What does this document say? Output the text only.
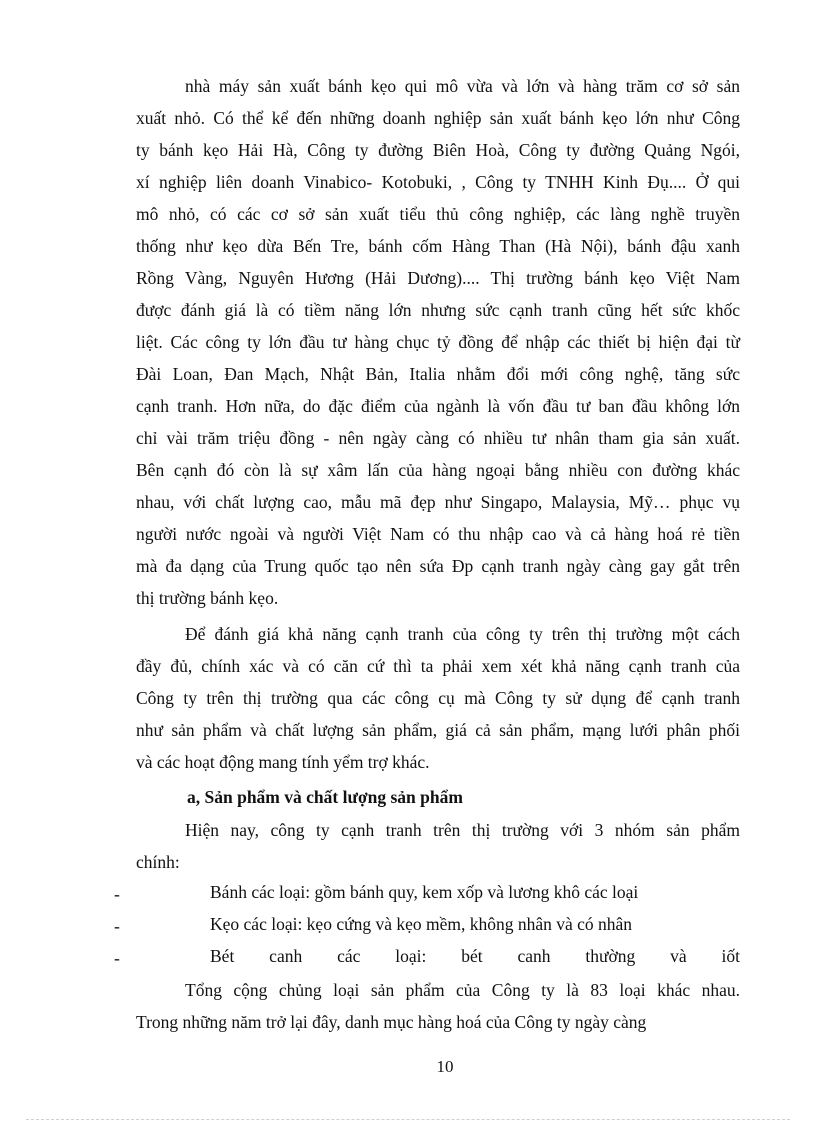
nhà máy sản xuất bánh kẹo qui mô vừa và lớn và hàng trăm cơ sở sản
xuất nhỏ. Có thể kể đến những doanh nghiệp sản xuất bánh kẹo lớn như Công
ty bánh kẹo Hải Hà, Công ty đường Biên Hoà, Công ty đường Quảng Ngói,
xí nghiệp liên doanh Vinabico- Kotobuki, , Công ty TNHH Kinh Đụ.... Ở qui
mô nhỏ, có các cơ sở sản xuất tiểu thủ công nghiệp, các làng nghề truyền
thống như kẹo dừa Bến Tre, bánh cốm Hàng Than (Hà Nội), bánh đậu xanh
Rồng Vàng, Nguyên Hương (Hải Dương).... Thị trường bánh kẹo Việt Nam
được đánh giá là có tiềm năng lớn nhưng sức cạnh tranh cũng hết sức khốc
liệt. Các công ty lớn đầu tư hàng chục tỷ đồng để nhập các thiết bị hiện đại từ
Đài Loan, Đan Mạch, Nhật Bản, Italia nhằm đổi mới công nghệ, tăng sức
cạnh tranh. Hơn nữa, do đặc điểm của ngành là vốn đầu tư ban đầu không lớn
chỉ vài trăm triệu đồng - nên ngày càng có nhiều tư nhân tham gia sản xuất.
Bên cạnh đó còn là sự xâm lấn của hàng ngoại bằng nhiều con đường khác
nhau, với chất lượng cao, mẫu mã đẹp như Singapo, Malaysia, Mỹ… phục vụ
người nước ngoài và người Việt Nam có thu nhập cao và cả hàng hoá rẻ tiền
mà đa dạng của Trung quốc tạo nên sứa Đp cạnh tranh ngày càng gay gắt trên
thị trường bánh kẹo.
Để đánh giá khả năng cạnh tranh của công ty trên thị trường một cách
đầy đủ, chính xác và có căn cứ thì ta phải xem xét khả năng cạnh tranh của
Công ty trên thị trường qua các công cụ mà Công ty sử dụng để cạnh tranh
như sản phẩm và chất lượng sản phẩm, giá cả sản phẩm, mạng lưới phân phối
và các hoạt động mang tính yểm trợ khác.
a, Sản phẩm và chất lượng sản phẩm
Hiện nay, công ty cạnh tranh trên thị trường với 3 nhóm sản phẩm
chính:
-	Bánh các loại: gồm bánh quy, kem xốp và lương khô các loại
-	Kẹo các loại: kẹo cứng và kẹo mềm, không nhân và có nhân
-	Bét canh các loại: bét canh thường và iốt
Tổng cộng chủng loại sản phẩm của Công ty là 83 loại khác nhau.
Trong những năm trở lại đây, danh mục hàng hoá của Công ty ngày càng
10
